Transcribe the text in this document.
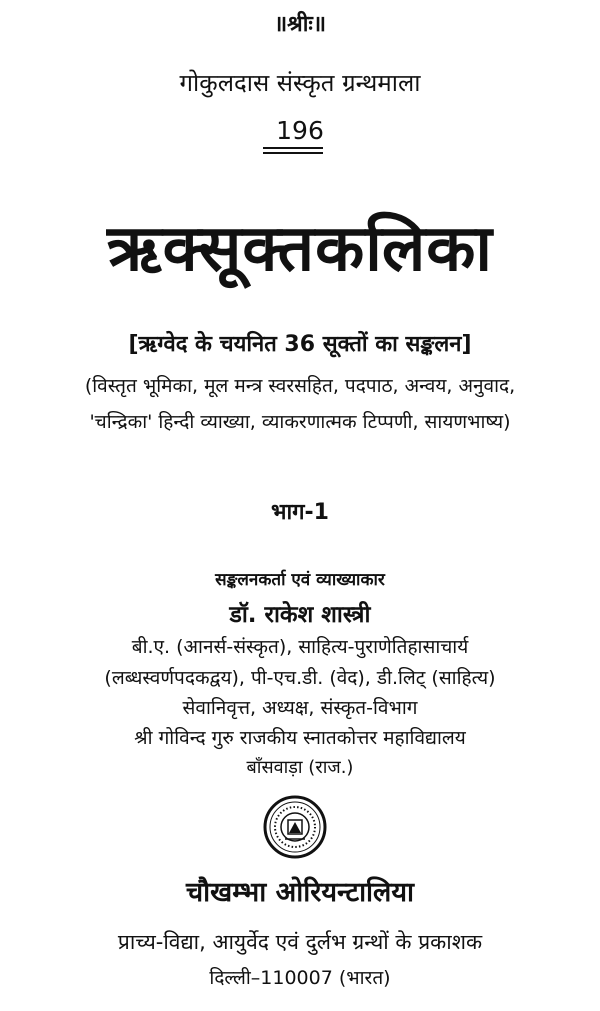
॥श्रीः॥
गोकुलदास संस्कृत ग्रन्थमाला
196
ऋक्सूक्तकलिका
[ऋग्वेद के चयनित 36 सूक्तों का सङ्कलन]
(विस्तृत भूमिका, मूल मन्त्र स्वरसहित, पदपाठ, अन्वय, अनुवाद,
'चन्द्रिका' हिन्दी व्याख्या, व्याकरणात्मक टिप्पणी, सायणभाष्य)
भाग-1
सङ्कलनकर्ता एवं व्याख्याकार
डॉ. राकेश शास्त्री
बी.ए. (आनर्स-संस्कृत), साहित्य-पुराणेतिहासाचार्य
(लब्धस्वर्णपदकद्वय), पी-एच.डी. (वेद), डी.लिट् (साहित्य)
सेवानिवृत्त, अध्यक्ष, संस्कृत-विभाग
श्री गोविन्द गुरु राजकीय स्नातकोत्तर महाविद्यालय
बाँसवाड़ा (राज.)
चौखम्भा ओरियन्टालिया
प्राच्य-विद्या, आयुर्वेद एवं दुर्लभ ग्रन्थों के प्रकाशक
दिल्ली–110007 (भारत)
